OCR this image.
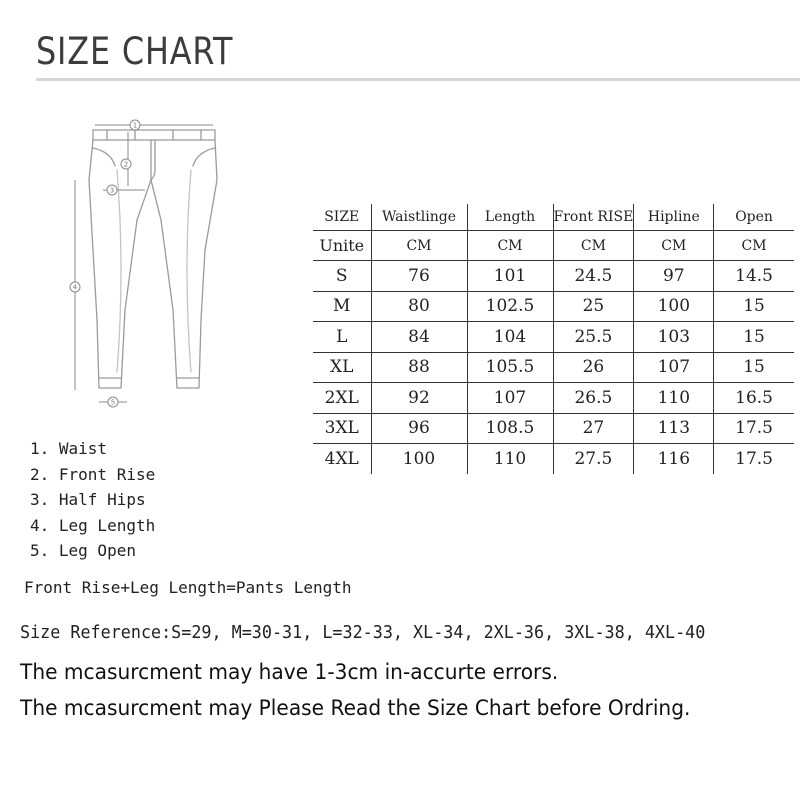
SIZE CHART
1
2
3
4
5
1. Waist
2. Front Rise
3. Half Hips
4. Leg Length
5. Leg Open
Front Rise+Leg Length=Pants Length
Size Reference:S=29, M=30-31, L=32-33, XL-34, 2XL-36, 3XL-38, 4XL-40
The mcasurcment may have 1-3cm in-accurte errors.
The mcasurcment may Please Read the Size Chart before Ordring.
SIZE	Waistlinge	Length	Front RISE	Hipline	Open
Unite	CM	CM	CM	CM	CM
S	76	101	24.5	97	14.5
M	80	102.5	25	100	15
L	84	104	25.5	103	15
XL	88	105.5	26	107	15
2XL	92	107	26.5	110	16.5
3XL	96	108.5	27	113	17.5
4XL	100	110	27.5	116	17.5
